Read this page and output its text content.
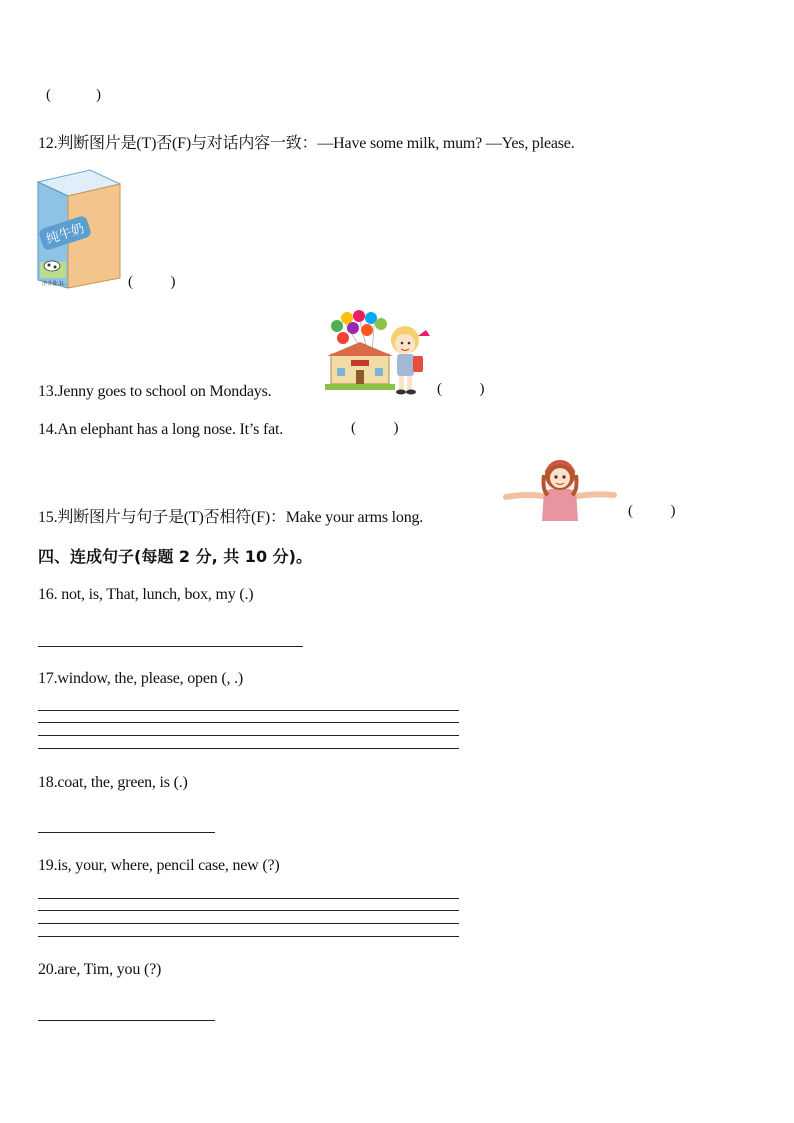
(            )
12.判断图片是(T)否(F)与对话内容一致：—Have some milk, mum? —Yes, please.
纯牛奶
净含量:1L	(          )
13.Jenny goes to school on Mondays.	(          )
14.An elephant has a long nose. It’s fat.	(          )
15.判断图片与句子是(T)否相符(F)：Make your arms long.	(          )
四、连成句子(每题 2 分, 共 10 分)。
16. not, is, That, lunch, box, my (.)
17.window, the, please, open (, .)
18.coat, the, green, is (.)
19.is, your, where, pencil case, new (?)
20.are, Tim, you (?)
